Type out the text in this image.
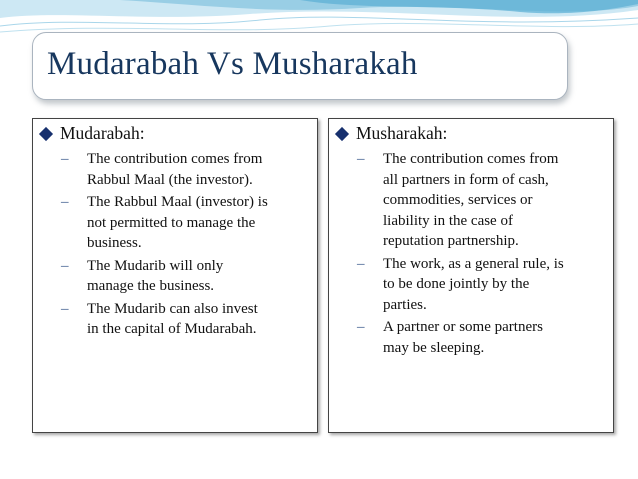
Mudarabah Vs Musharakah
Mudarabah:
– The contribution comes from
Rabbul Maal (the investor).
– The Rabbul Maal (investor) is
not permitted to manage the
business.
– The Mudarib will only
manage the business.
– The Mudarib can also invest
in the capital of Mudarabah.
Musharakah:
– The contribution comes from
all partners in form of cash,
commodities, services or
liability in the case of
reputation partnership.
– The work, as a general rule, is
to be done jointly by the
parties.
– A partner or some partners
may be sleeping.
